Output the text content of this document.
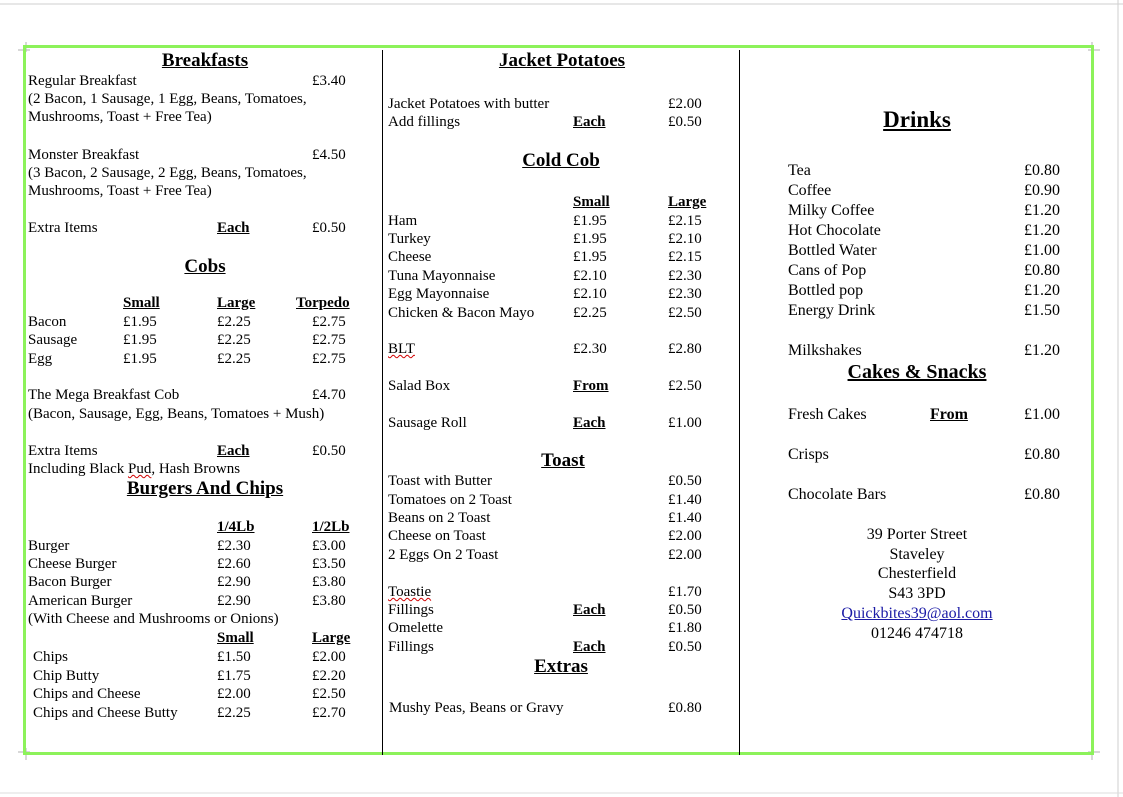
Breakfasts
Regular Breakfast	£3.40
(2 Bacon, 1 Sausage, 1 Egg, Beans, Tomatoes,
Mushrooms, Toast + Free Tea)
Monster Breakfast	£4.50
(3 Bacon, 2 Sausage, 2 Egg, Beans, Tomatoes,
Mushrooms, Toast + Free Tea)
Extra Items	Each	£0.50
Cobs
Small	Large	Torpedo
Bacon	£1.95	£2.25	£2.75
Sausage	£1.95	£2.25	£2.75
Egg	£1.95	£2.25	£2.75
The Mega Breakfast Cob	£4.70
(Bacon, Sausage, Egg, Beans, Tomatoes + Mush)
Extra Items	Each	£0.50
Including Black Pud, Hash Browns
Burgers And Chips
1/4Lb	1/2Lb
Burger	£2.30	£3.00
Cheese Burger	£2.60	£3.50
Bacon Burger	£2.90	£3.80
American Burger	£2.90	£3.80
(With Cheese and Mushrooms or Onions)
Small	Large
Chips	£1.50	£2.00
Chip Butty	£1.75	£2.20
Chips and Cheese	£2.00	£2.50
Chips and Cheese Butty	£2.25	£2.70
Jacket Potatoes
Jacket Potatoes with butter	£2.00
Add fillings	Each	£0.50
Cold Cob
Small	Large
Ham	£1.95	£2.15
Turkey	£1.95	£2.10
Cheese	£1.95	£2.15
Tuna Mayonnaise	£2.10	£2.30
Egg Mayonnaise	£2.10	£2.30
Chicken & Bacon Mayo	£2.25	£2.50
BLT	£2.30	£2.80
Salad Box	From	£2.50
Sausage Roll	Each	£1.00
Toast
Toast with Butter	£0.50
Tomatoes on 2 Toast	£1.40
Beans on 2 Toast	£1.40
Cheese on Toast	£2.00
2 Eggs On 2 Toast	£2.00
Toastie	£1.70
Fillings	Each	£0.50
Omelette	£1.80
Fillings	Each	£0.50
Extras
Mushy Peas, Beans or Gravy	£0.80
Drinks
Tea	£0.80
Coffee	£0.90
Milky Coffee	£1.20
Hot Chocolate	£1.20
Bottled Water	£1.00
Cans of Pop	£0.80
Bottled pop	£1.20
Energy Drink	£1.50
Milkshakes	£1.20
Cakes & Snacks
Fresh Cakes	From	£1.00
Crisps	£0.80
Chocolate Bars	£0.80
39 Porter Street
Staveley
Chesterfield
S43 3PD
Quickbites39@aol.com
01246 474718
